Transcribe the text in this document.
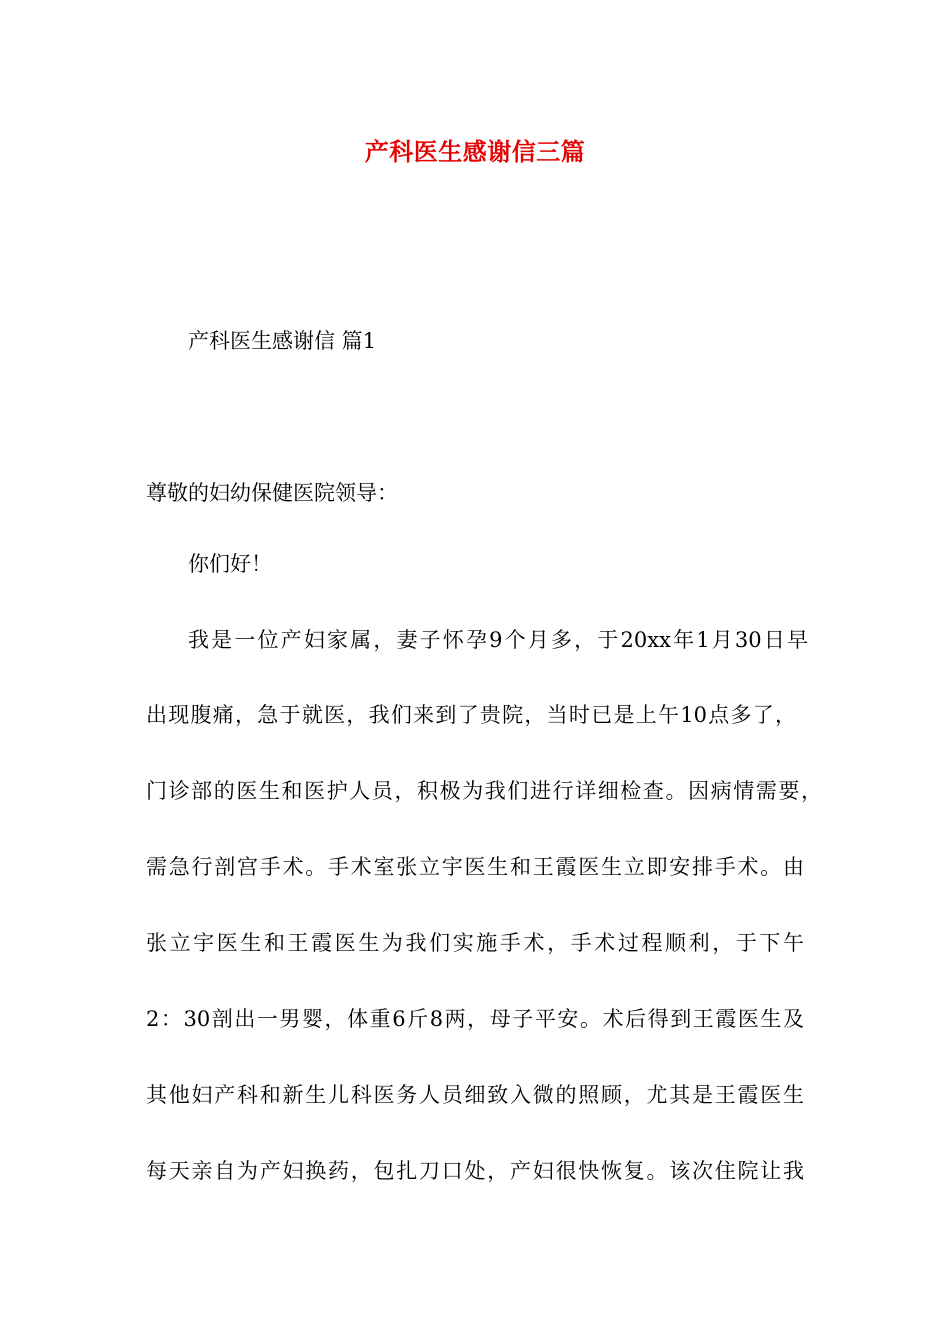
产科医生感谢信三篇
产科医生感谢信 篇1
尊敬的妇幼保健医院领导：
你们好！
我是一位产妇家属，妻子怀孕9个月多，于20xx年1月30日早
出现腹痛，急于就医，我们来到了贵院，当时已是上午10点多了，
门诊部的医生和医护人员，积极为我们进行详细检查。因病情需要，
需急行剖宫手术。手术室张立宇医生和王霞医生立即安排手术。由
张立宇医生和王霞医生为我们实施手术，手术过程顺利，于下午
2：30剖出一男婴，体重6斤8两，母子平安。术后得到王霞医生及
其他妇产科和新生儿科医务人员细致入微的照顾，尤其是王霞医生
每天亲自为产妇换药，包扎刀口处，产妇很快恢复。该次住院让我
